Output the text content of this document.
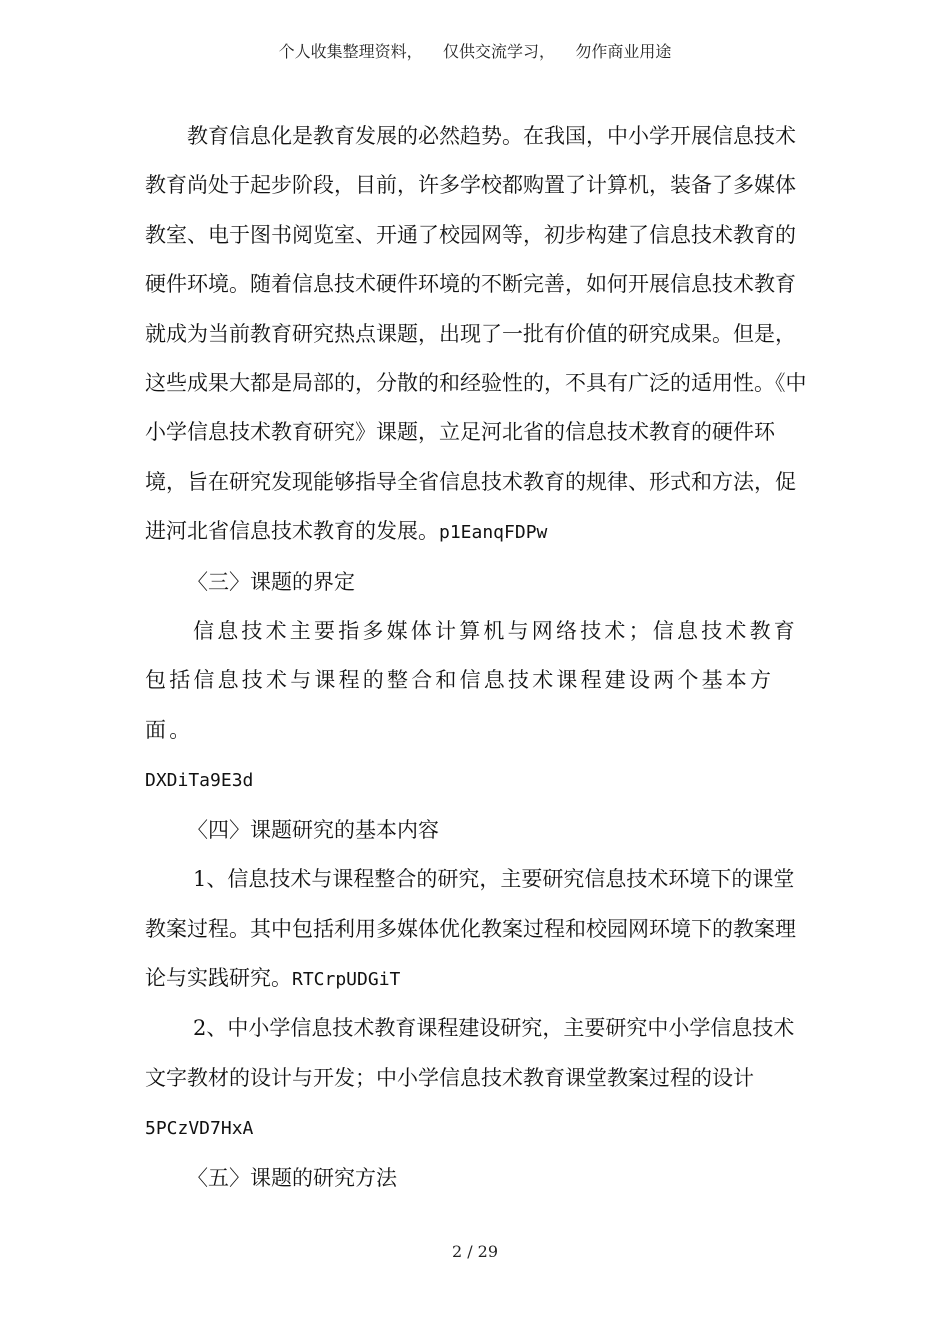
个人收集整理资料，    仅供交流学习，    勿作商业用途

教育信息化是教育发展的必然趋势。在我国，中小学开展信息技术教育尚处于起步阶段，目前，许多学校都购置了计算机，装备了多媒体教室、电于图书阅览室、开通了校园网等，初步构建了信息技术教育的硬件环境。随着信息技术硬件环境的不断完善，如何开展信息技术教育就成为当前教育研究热点课题，出现了一批有价值的研究成果。但是，这些成果大都是局部的，分散的和经验性的，不具有广泛的适用性。《中小学信息技术教育研究》课题，立足河北省的信息技术教育的硬件环境，旨在研究发现能够指导全省信息技术教育的规律、形式和方法，促进河北省信息技术教育的发展。p1EanqFDPw

〈三〉课题的界定

信息技术主要指多媒体计算机与网络技术；信息技术教育包括信息技术与课程的整合和信息技术课程建设两个基本方面。

DXDiTa9E3d

〈四〉课题研究的基本内容

1、信息技术与课程整合的研究，主要研究信息技术环境下的课堂教案过程。其中包括利用多媒体优化教案过程和校园网环境下的教案理论与实践研究。RTCrpUDGiT

2、中小学信息技术教育课程建设研究，主要研究中小学信息技术文字教材的设计与开发；中小学信息技术教育课堂教案过程的设计5PCzVD7HxA

〈五〉课题的研究方法

2 / 29
